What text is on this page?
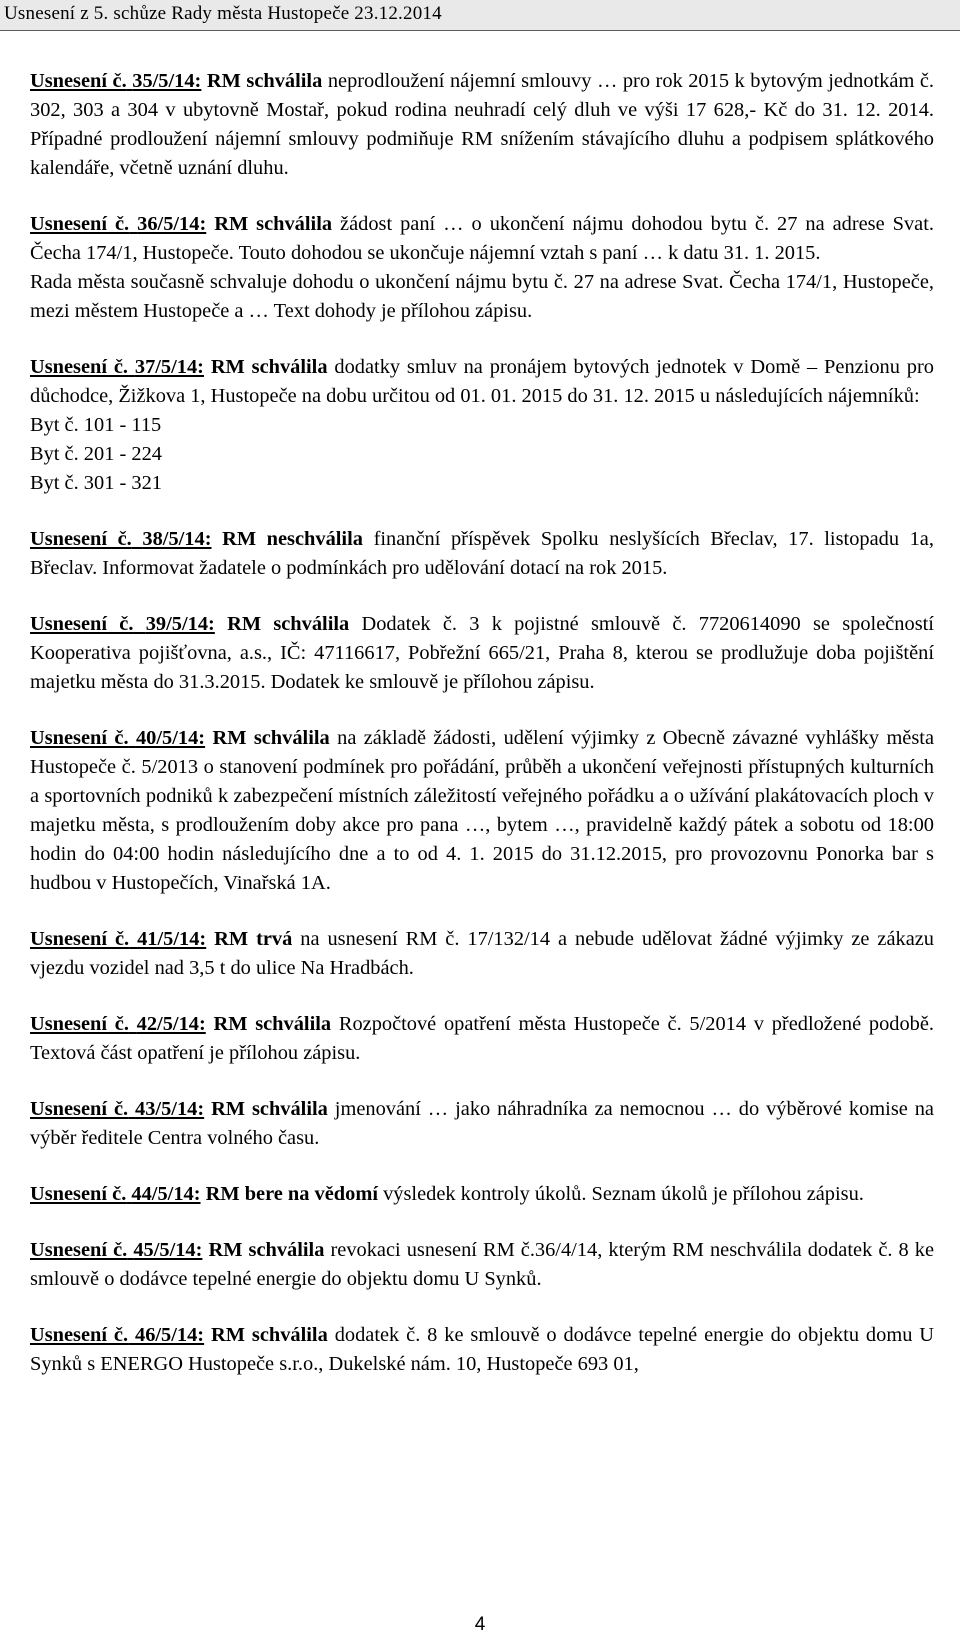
Usnesení z 5. schůze Rady města Hustopeče 23.12.2014

Usnesení č. 35/5/14: RM schválila neprodloužení nájemní smlouvy … pro rok 2015 k bytovým jednotkám č. 302, 303 a 304 v ubytovně Mostař, pokud rodina neuhradí celý dluh ve výši 17 628,- Kč do 31. 12. 2014. Případné prodloužení nájemní smlouvy podmiňuje RM snížením stávajícího dluhu a podpisem splátkového kalendáře, včetně uznání dluhu.

Usnesení č. 36/5/14: RM schválila žádost paní … o ukončení nájmu dohodou bytu č. 27 na adrese Svat. Čecha 174/1, Hustopeče. Touto dohodou se ukončuje nájemní vztah s paní … k datu 31. 1. 2015.

Rada města současně schvaluje dohodu o ukončení nájmu bytu č. 27 na adrese Svat. Čecha 174/1, Hustopeče, mezi městem Hustopeče a … Text dohody je přílohou zápisu.

Usnesení č. 37/5/14: RM schválila dodatky smluv na pronájem bytových jednotek v Domě – Penzionu pro důchodce, Žižkova 1, Hustopeče na dobu určitou od 01. 01. 2015 do 31. 12. 2015 u následujících nájemníků:
Byt č. 101 - 115
Byt č. 201 - 224
Byt č. 301 - 321

Usnesení č. 38/5/14: RM neschválila finanční příspěvek Spolku neslyšících Břeclav, 17. listopadu 1a, Břeclav. Informovat žadatele o podmínkách pro udělování dotací na rok 2015.

Usnesení č. 39/5/14: RM schválila Dodatek č. 3 k pojistné smlouvě č. 7720614090 se společností Kooperativa pojišťovna, a.s., IČ: 47116617, Pobřežní 665/21, Praha 8, kterou se prodlužuje doba pojištění majetku města do 31.3.2015. Dodatek ke smlouvě je přílohou zápisu.

Usnesení č. 40/5/14: RM schválila na základě žádosti, udělení výjimky z Obecně závazné vyhlášky města Hustopeče č. 5/2013 o stanovení podmínek pro pořádání, průběh a ukončení veřejnosti přístupných kulturních a sportovních podniků k zabezpečení místních záležitostí veřejného pořádku a o užívání plakátovacích ploch v majetku města, s prodloužením doby akce pro pana …, bytem …, pravidelně každý pátek a sobotu od 18:00 hodin do 04:00 hodin následujícího dne a to od 4. 1. 2015 do 31.12.2015, pro provozovnu Ponorka bar s hudbou v Hustopečích, Vinařská 1A.

Usnesení č. 41/5/14: RM trvá na usnesení RM č. 17/132/14 a nebude udělovat žádné výjimky ze zákazu vjezdu vozidel nad 3,5 t do ulice Na Hradbách.

Usnesení č. 42/5/14: RM schválila Rozpočtové opatření města Hustopeče č. 5/2014 v předložené podobě. Textová část opatření je přílohou zápisu.

Usnesení č. 43/5/14: RM schválila jmenování … jako náhradníka za nemocnou … do výběrové komise na výběr ředitele Centra volného času.

Usnesení č. 44/5/14: RM bere na vědomí výsledek kontroly úkolů. Seznam úkolů je přílohou zápisu.

Usnesení č. 45/5/14: RM schválila revokaci usnesení RM č.36/4/14, kterým RM neschválila dodatek č. 8 ke smlouvě o dodávce tepelné energie do objektu domu U Synků.

Usnesení č. 46/5/14: RM schválila dodatek č. 8 ke smlouvě o dodávce tepelné energie do objektu domu U Synků s ENERGO Hustopeče s.r.o., Dukelské nám. 10, Hustopeče 693 01,

4
